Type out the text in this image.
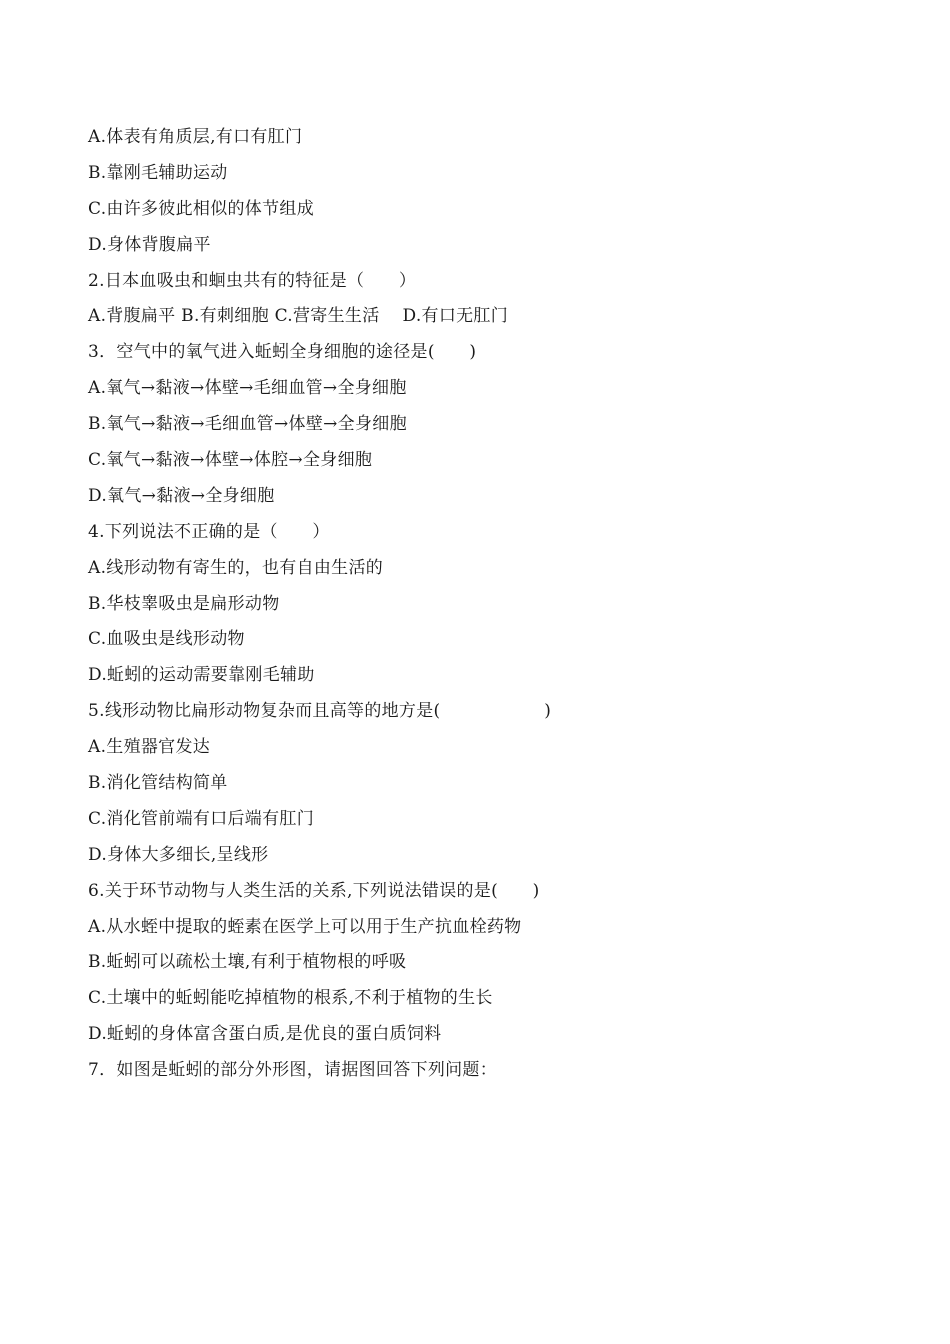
A.体表有角质层,有口有肛门
B.靠刚毛辅助运动
C.由许多彼此相似的体节组成
D.身体背腹扁平
2.日本血吸虫和蛔虫共有的特征是（　　）
A.背腹扁平 B.有刺细胞 C.营寄生生活　 D.有口无肛门
3．空气中的氧气进入蚯蚓全身细胞的途径是(　　)
A.氧气→黏液→体壁→毛细血管→全身细胞
B.氧气→黏液→毛细血管→体壁→全身细胞
C.氧气→黏液→体壁→体腔→全身细胞
D.氧气→黏液→全身细胞
4.下列说法不正确的是（　　）
A.线形动物有寄生的，也有自由生活的
B.华枝睾吸虫是扁形动物
C.血吸虫是线形动物
D.蚯蚓的运动需要靠刚毛辅助
5.线形动物比扁形动物复杂而且高等的地方是(　　　　　　)
A.生殖器官发达
B.消化管结构简单
C.消化管前端有口后端有肛门
D.身体大多细长,呈线形
6.关于环节动物与人类生活的关系,下列说法错误的是(　　)
A.从水蛭中提取的蛭素在医学上可以用于生产抗血栓药物
B.蚯蚓可以疏松土壤,有利于植物根的呼吸
C.土壤中的蚯蚓能吃掉植物的根系,不利于植物的生长
D.蚯蚓的身体富含蛋白质,是优良的蛋白质饲料
7．如图是蚯蚓的部分外形图，请据图回答下列问题：
